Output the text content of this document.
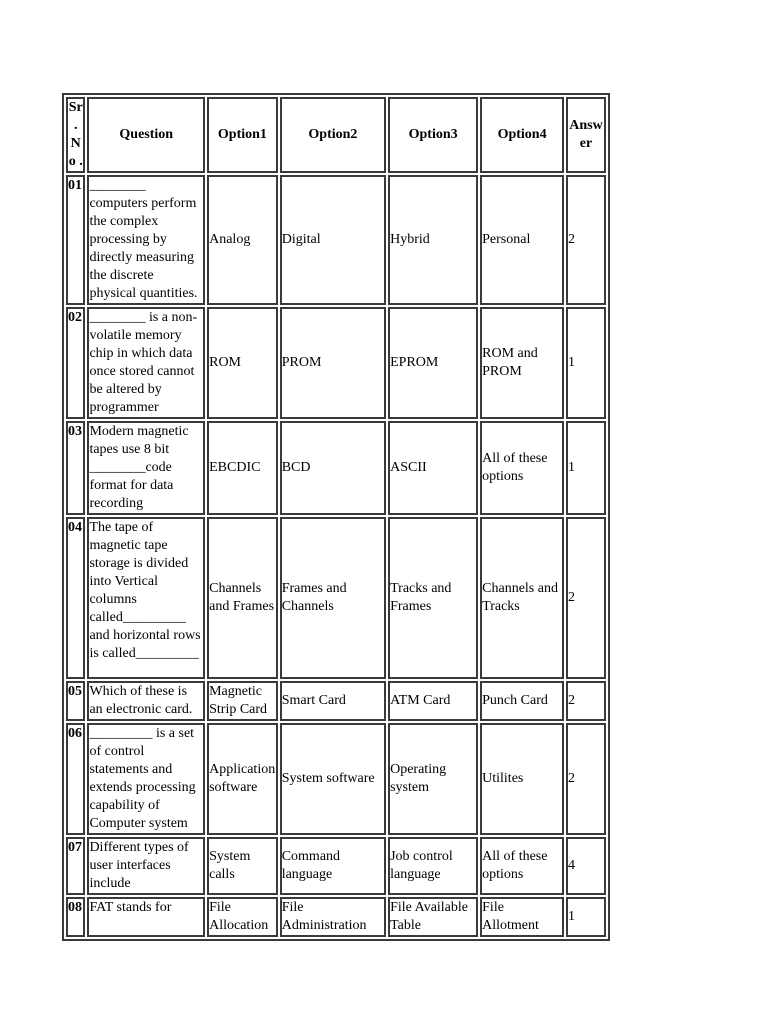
Sr. No .	Question	Option1	Option2	Option3	Option4	Answ er
01	________ computers perform the complex processing by directly measuring the discrete physical quantities.	Analog	Digital	Hybrid	Personal	2
02	________ is a non-volatile memory chip in which data once stored cannot be altered by programmer	ROM	PROM	EPROM	ROM and PROM	1
03	Modern magnetic tapes use 8 bit ________code format for data recording	EBCDIC	BCD	ASCII	All of these options	1
04	The tape of magnetic tape storage is divided into Vertical columns called_________ and horizontal rows is called_________	Channels and Frames	Frames and Channels	Tracks and Frames	Channels and Tracks	2
05	Which of these is an electronic card.	Magnetic Strip Card	Smart Card	ATM Card	Punch Card	2
06	_________ is a set of control statements and extends processing capability of Computer system	Application software	System software	Operating system	Utilites	2
07	Different types of user interfaces include	System calls	Command language	Job control language	All of these options	4
08	FAT stands for	File Allocation	File Administration	File Available Table	File Allotment	1
